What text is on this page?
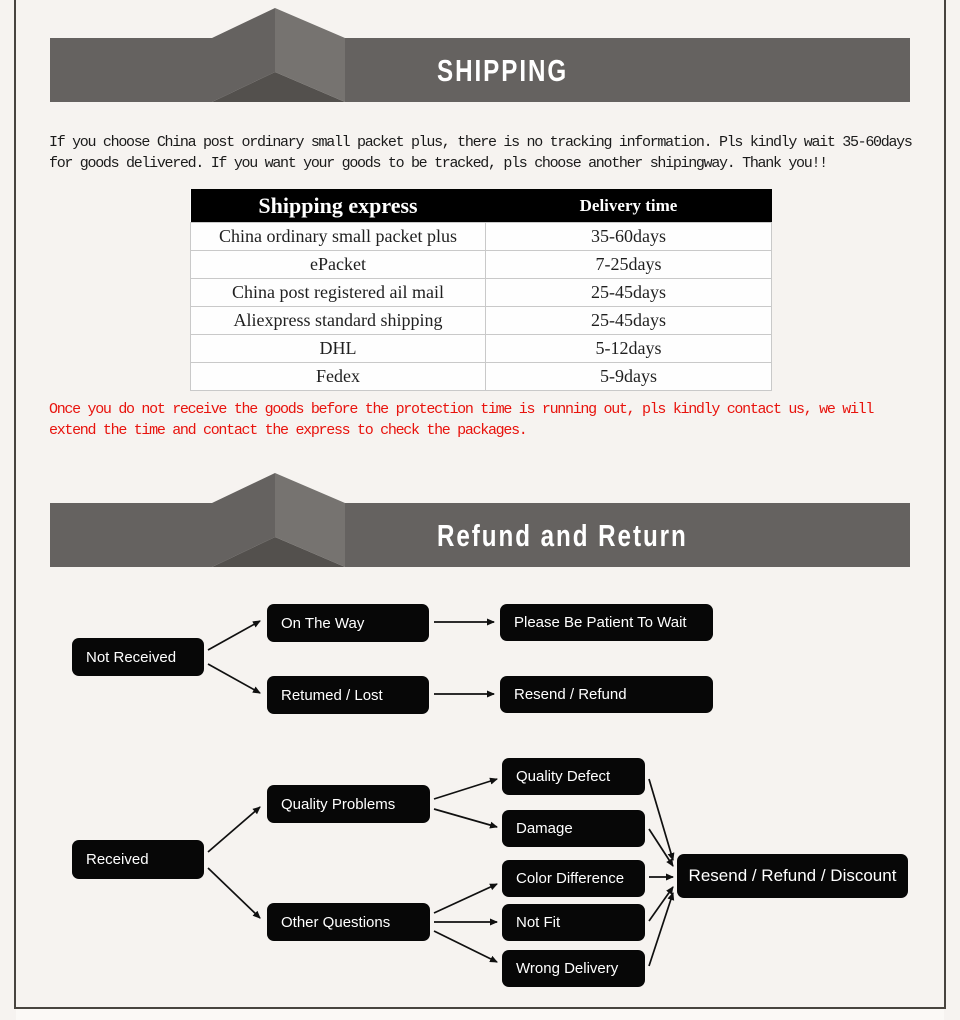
SHIPPING
If you choose China post ordinary small packet plus, there is no tracking information. Pls kindly wait 35-60days
for goods delivered. If you want your goods to be tracked, pls choose another shipingway. Thank you!!
Shipping express	Delivery time
China ordinary small packet plus	35-60days
ePacket	7-25days
China post registered ail mail	25-45days
Aliexpress standard shipping	25-45days
DHL	5-12days
Fedex	5-9days
Once you do not receive the goods before the protection time is running out, pls kindly contact us, we will
extend the time and contact the express to check the packages.
Refund and Return
Not Received
On The Way
Retumed / Lost
Please Be Patient To Wait
Resend / Refund
Received
Quality Problems
Other Questions
Quality Defect
Damage
Color Difference
Not Fit
Wrong Delivery
Resend / Refund / Discount
